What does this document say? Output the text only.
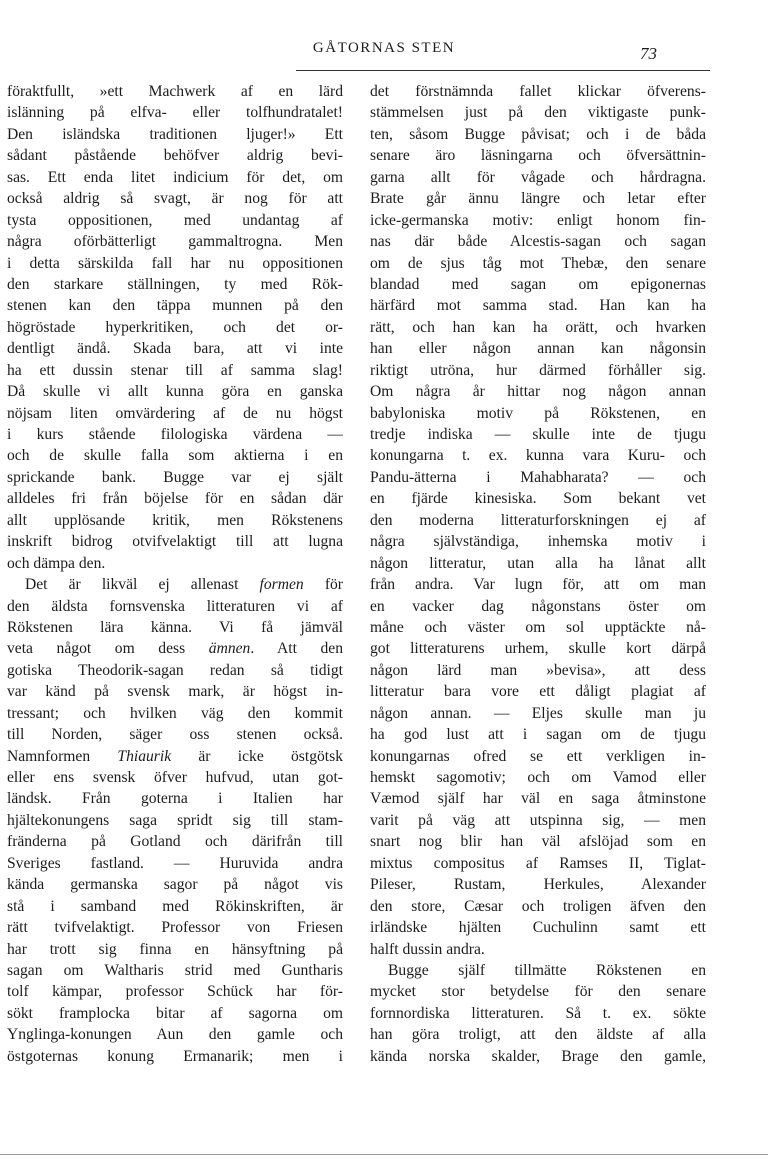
GÅTORNAS STEN	73
föraktfullt, »ett Machwerk af en lärd
islänning på elfva- eller tolfhundratalet!
Den isländska traditionen ljuger!» Ett
sådant påstående behöfver aldrig bevi-
sas. Ett enda litet indicium för det, om
också aldrig så svagt, är nog för att
tysta oppositionen, med undantag af
några oförbätterligt gammaltrogna. Men
i detta särskilda fall har nu oppositionen
den starkare ställningen, ty med Rök-
stenen kan den täppa munnen på den
högröstade hyperkritiken, och det or-
dentligt ändå. Skada bara, att vi inte
ha ett dussin stenar till af samma slag!
Då skulle vi allt kunna göra en ganska
nöjsam liten omvärdering af de nu högst
i kurs stående filologiska värdena —
och de skulle falla som aktierna i en
sprickande bank. Bugge var ej själt
alldeles fri från böjelse för en sådan där
allt upplösande kritik, men Rökstenens
inskrift bidrog otvifvelaktigt till att lugna
och dämpa den.
Det är likväl ej allenast formen för
den äldsta fornsvenska litteraturen vi af
Rökstenen lära känna. Vi få jämväl
veta något om dess ämnen. Att den
gotiska Theodorik-sagan redan så tidigt
var känd på svensk mark, är högst in-
tressant; och hvilken väg den kommit
till Norden, säger oss stenen också.
Namnformen Thiaurik är icke östgötsk
eller ens svensk öfver hufvud, utan got-
ländsk. Från goterna i Italien har
hjältekonungens saga spridt sig till stam-
fränderna på Gotland och därifrån till
Sveriges fastland. — Huruvida andra
kända germanska sagor på något vis
stå i samband med Rökinskriften, är
rätt tvifvelaktigt. Professor von Friesen
har trott sig finna en hänsyftning på
sagan om Waltharis strid med Guntharis
tolf kämpar, professor Schück har för-
sökt framplocka bitar af sagorna om
Ynglinga-konungen Aun den gamle och
östgoternas konung Ermanarik; men i
det förstnämnda fallet klickar öfverens-
stämmelsen just på den viktigaste punk-
ten, såsom Bugge påvisat; och i de båda
senare äro läsningarna och öfversättnin-
garna allt för vågade och hårdragna.
Brate går ännu längre och letar efter
icke-germanska motiv: enligt honom fin-
nas där både Alcestis-sagan och sagan
om de sjus tåg mot Thebæ, den senare
blandad med sagan om epigonernas
härfärd mot samma stad. Han kan ha
rätt, och han kan ha orätt, och hvarken
han eller någon annan kan någonsin
riktigt utröna, hur därmed förhåller sig.
Om några år hittar nog någon annan
babyloniska motiv på Rökstenen, en
tredje indiska — skulle inte de tjugu
konungarna t. ex. kunna vara Kuru- och
Pandu-ätterna i Mahabharata? — och
en fjärde kinesiska. Som bekant vet
den moderna litteraturforskningen ej af
några självständiga, inhemska motiv i
någon litteratur, utan alla ha lånat allt
från andra. Var lugn för, att om man
en vacker dag någonstans öster om
måne och väster om sol upptäckte nå-
got litteraturens urhem, skulle kort därpå
någon lärd man »bevisa», att dess
litteratur bara vore ett dåligt plagiat af
någon annan. — Eljes skulle man ju
ha god lust att i sagan om de tjugu
konungarnas ofred se ett verkligen in-
hemskt sagomotiv; och om Vamod eller
Væmod själf har väl en saga åtminstone
varit på väg att utspinna sig, — men
snart nog blir han väl afslöjad som en
mixtus compositus af Ramses II, Tiglat-
Pileser, Rustam, Herkules, Alexander
den store, Cæsar och troligen äfven den
irländske hjälten Cuchulinn samt ett
halft dussin andra.
Bugge själf tillmätte Rökstenen en
mycket stor betydelse för den senare
fornnordiska litteraturen. Så t. ex. sökte
han göra troligt, att den äldste af alla
kända norska skalder, Brage den gamle,
